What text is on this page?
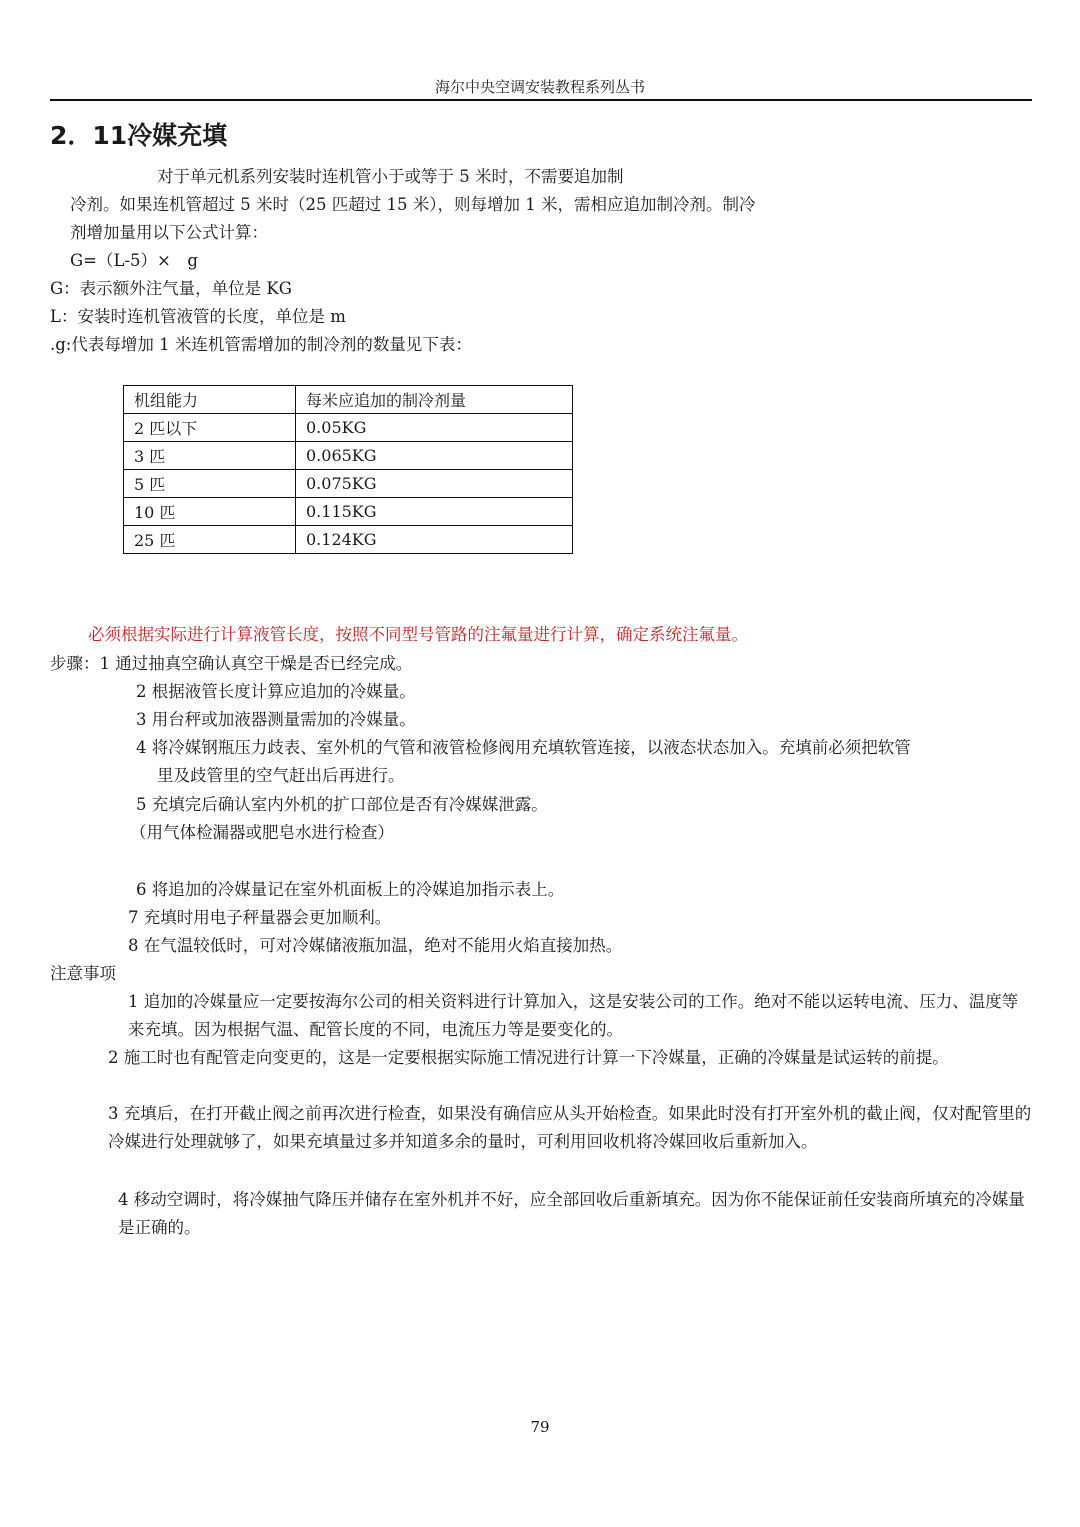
海尔中央空调安装教程系列丛书
2．11冷媒充填
对于单元机系列安装时连机管小于或等于 5 米时，不需要追加制
冷剂。如果连机管超过 5 米时（25 匹超过 15 米），则每增加 1 米，需相应追加制冷剂。制冷
剂增加量用以下公式计算：
G=（L-5）×　g
G：表示额外注气量，单位是 KG
L：安装时连机管液管的长度，单位是 m
.g:代表每增加 1 米连机管需增加的制冷剂的数量见下表：
机组能力	每米应追加的制冷剂量
2 匹以下	0.05KG
3 匹	0.065KG
5 匹	0.075KG
10 匹	0.115KG
25 匹	0.124KG
必须根据实际进行计算液管长度，按照不同型号管路的注氟量进行计算，确定系统注氟量。
步骤：1 通过抽真空确认真空干燥是否已经完成。
2 根据液管长度计算应追加的冷媒量。
3 用台秤或加液器测量需加的冷媒量。
4 将冷媒钢瓶压力歧表、室外机的气管和液管检修阀用充填软管连接，以液态状态加入。充填前必须把软管
里及歧管里的空气赶出后再进行。
5 充填完后确认室内外机的扩口部位是否有冷媒媒泄露。
（用气体检漏器或肥皂水进行检查）
6 将追加的冷媒量记在室外机面板上的冷媒追加指示表上。
7 充填时用电子秤量器会更加顺利。
8 在气温较低时，可对冷媒储液瓶加温，绝对不能用火焰直接加热。
注意事项
1 追加的冷媒量应一定要按海尔公司的相关资料进行计算加入，这是安装公司的工作。绝对不能以运转电流、压力、温度等来充填。因为根据气温、配管长度的不同，电流压力等是要变化的。
2 施工时也有配管走向变更的，这是一定要根据实际施工情况进行计算一下冷媒量，正确的冷媒量是试运转的前提。
3 充填后，在打开截止阀之前再次进行检查，如果没有确信应从头开始检查。如果此时没有打开室外机的截止阀，仅对配管里的冷媒进行处理就够了，如果充填量过多并知道多余的量时，可利用回收机将冷媒回收后重新加入。
4 移动空调时，将冷媒抽气降压并储存在室外机并不好，应全部回收后重新填充。因为你不能保证前任安装商所填充的冷媒量是正确的。
79
